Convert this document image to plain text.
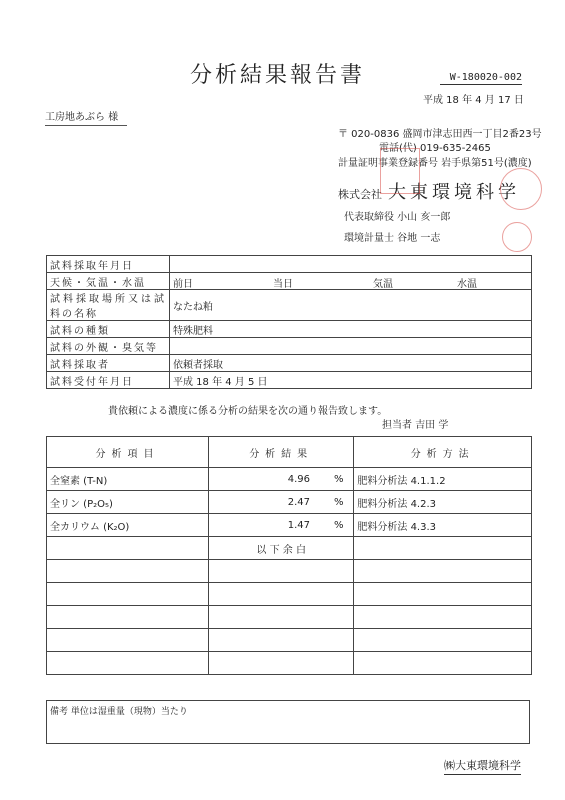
分析結果報告書	W-180020-002
平成 18 年 4 月 17 日
工房地あぶら 様
〒 020-0836 盛岡市津志田西一丁目2番23号
電話(代) 019-635-2465
計量証明事業登録番号 岩手県第51号(濃度)
株式会社 大東環境科学
代表取締役 小山 亥一郎
環境計量士 谷地 一志
試料採取年月日	
天候・気温・水温	前日 当日 気温 水温

試料採取場所又は試料の名称	なたね粕
試料の種類	特殊肥料
試料の外観・臭気等	
試料採取者	依頼者採取
試料受付年月日	平成 18 年 4 月 5 日
貴依頼による濃度に係る分析の結果を次の通り報告致します。
担当者 吉田 学
分析項目	分析結果	分析方法
全窒素 (T-N)	4.96 %	肥料分析法 4.1.1.2
全リン (P₂O₅)	2.47 %	肥料分析法 4.2.3
全カリウム (K₂O)	1.47 %	肥料分析法 4.3.3
	以 下 余 白	

備考 単位は湿重量（現物）当たり
㈱大東環境科学
